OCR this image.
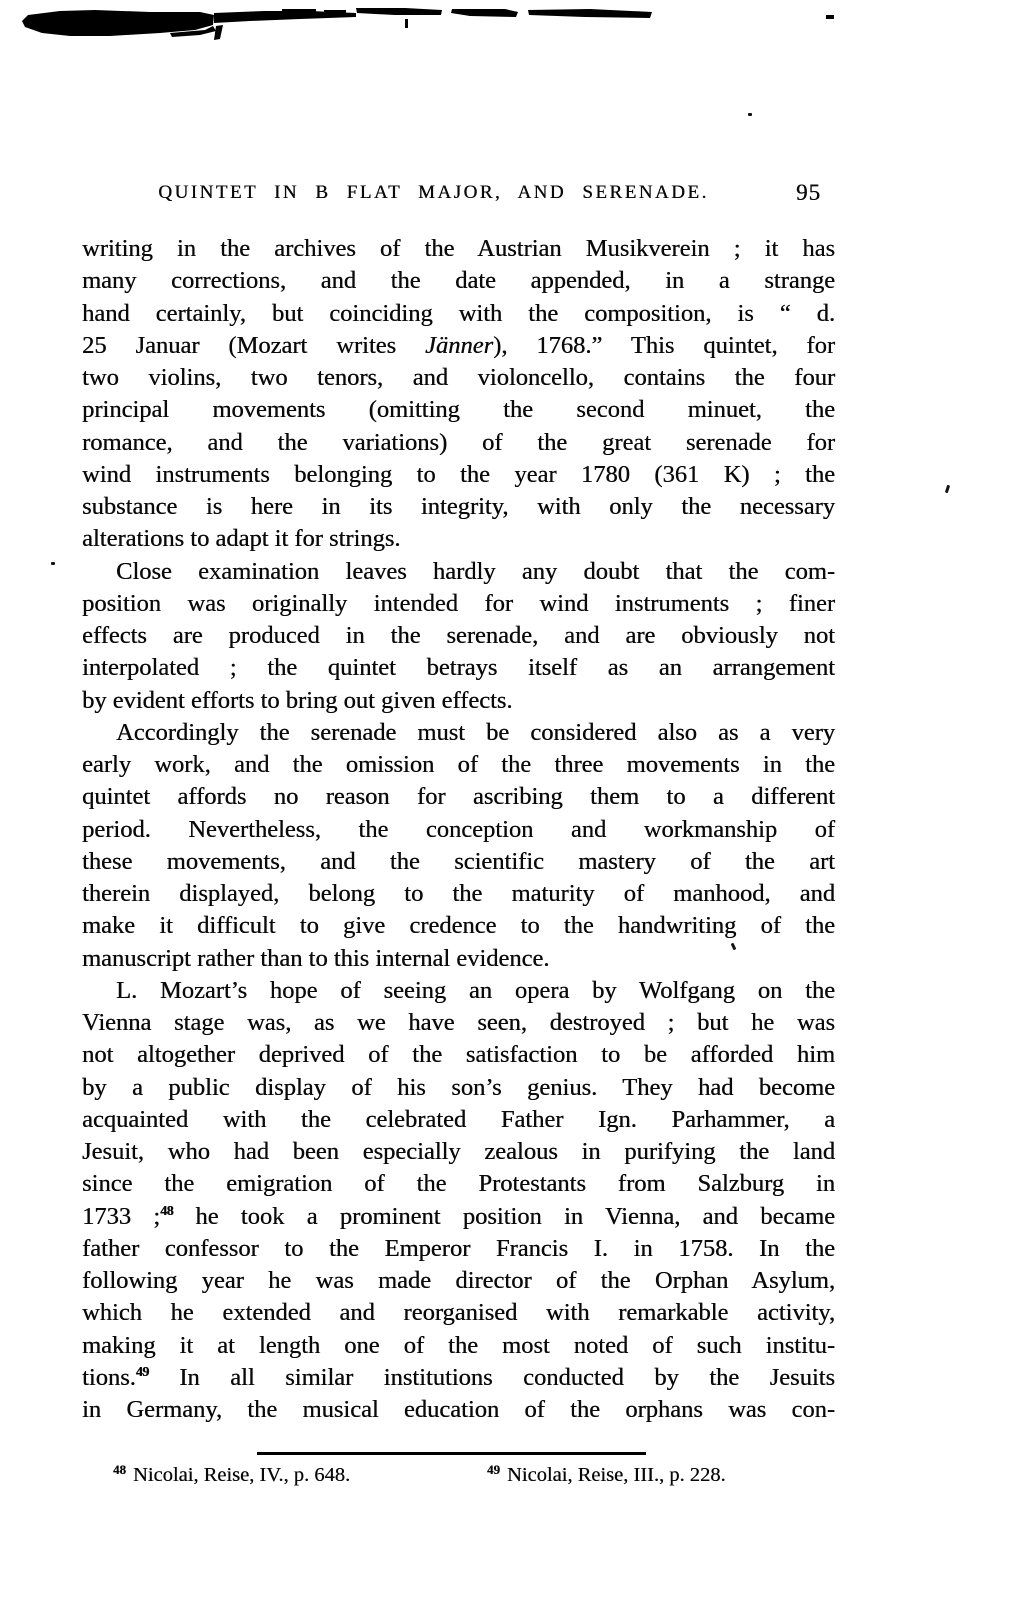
QUINTET IN B FLAT MAJOR, AND SERENADE.	95
writing in the archives of the Austrian Musikverein ; it has
many corrections, and the date appended, in a strange
hand certainly, but coinciding with the composition, is “ d.
25 Januar (Mozart writes Jänner), 1768.” This quintet, for
two violins, two tenors, and violoncello, contains the four
principal movements (omitting the second minuet, the
romance, and the variations) of the great serenade for
wind instruments belonging to the year 1780 (361 K) ; the
substance is here in its integrity, with only the necessary
alterations to adapt it for strings.
Close examination leaves hardly any doubt that the com-
position was originally intended for wind instruments ; finer
effects are produced in the serenade, and are obviously not
interpolated ; the quintet betrays itself as an arrangement
by evident efforts to bring out given effects.
Accordingly the serenade must be considered also as a very
early work, and the omission of the three movements in the
quintet affords no reason for ascribing them to a different
period. Nevertheless, the conception and workmanship of
these movements, and the scientific mastery of the art
therein displayed, belong to the maturity of manhood, and
make it difficult to give credence to the handwriting of the
manuscript rather than to this internal evidence.
L. Mozart’s hope of seeing an opera by Wolfgang on the
Vienna stage was, as we have seen, destroyed ; but he was
not altogether deprived of the satisfaction to be afforded him
by a public display of his son’s genius. They had become
acquainted with the celebrated Father Ign. Parhammer, a
Jesuit, who had been especially zealous in purifying the land
since the emigration of the Protestants from Salzburg in
1733 ;$^{48}$ he took a prominent position in Vienna, and became
father confessor to the Emperor Francis I. in 1758. In the
following year he was made director of the Orphan Asylum,
which he extended and reorganised with remarkable activity,
making it at length one of the most noted of such institu-
tions.$^{49}$ In all similar institutions conducted by the Jesuits
in Germany, the musical education of the orphans was con-
$^{48}$ Nicolai, Reise, IV., p. 648.	$^{49}$ Nicolai, Reise, III., p. 228.
